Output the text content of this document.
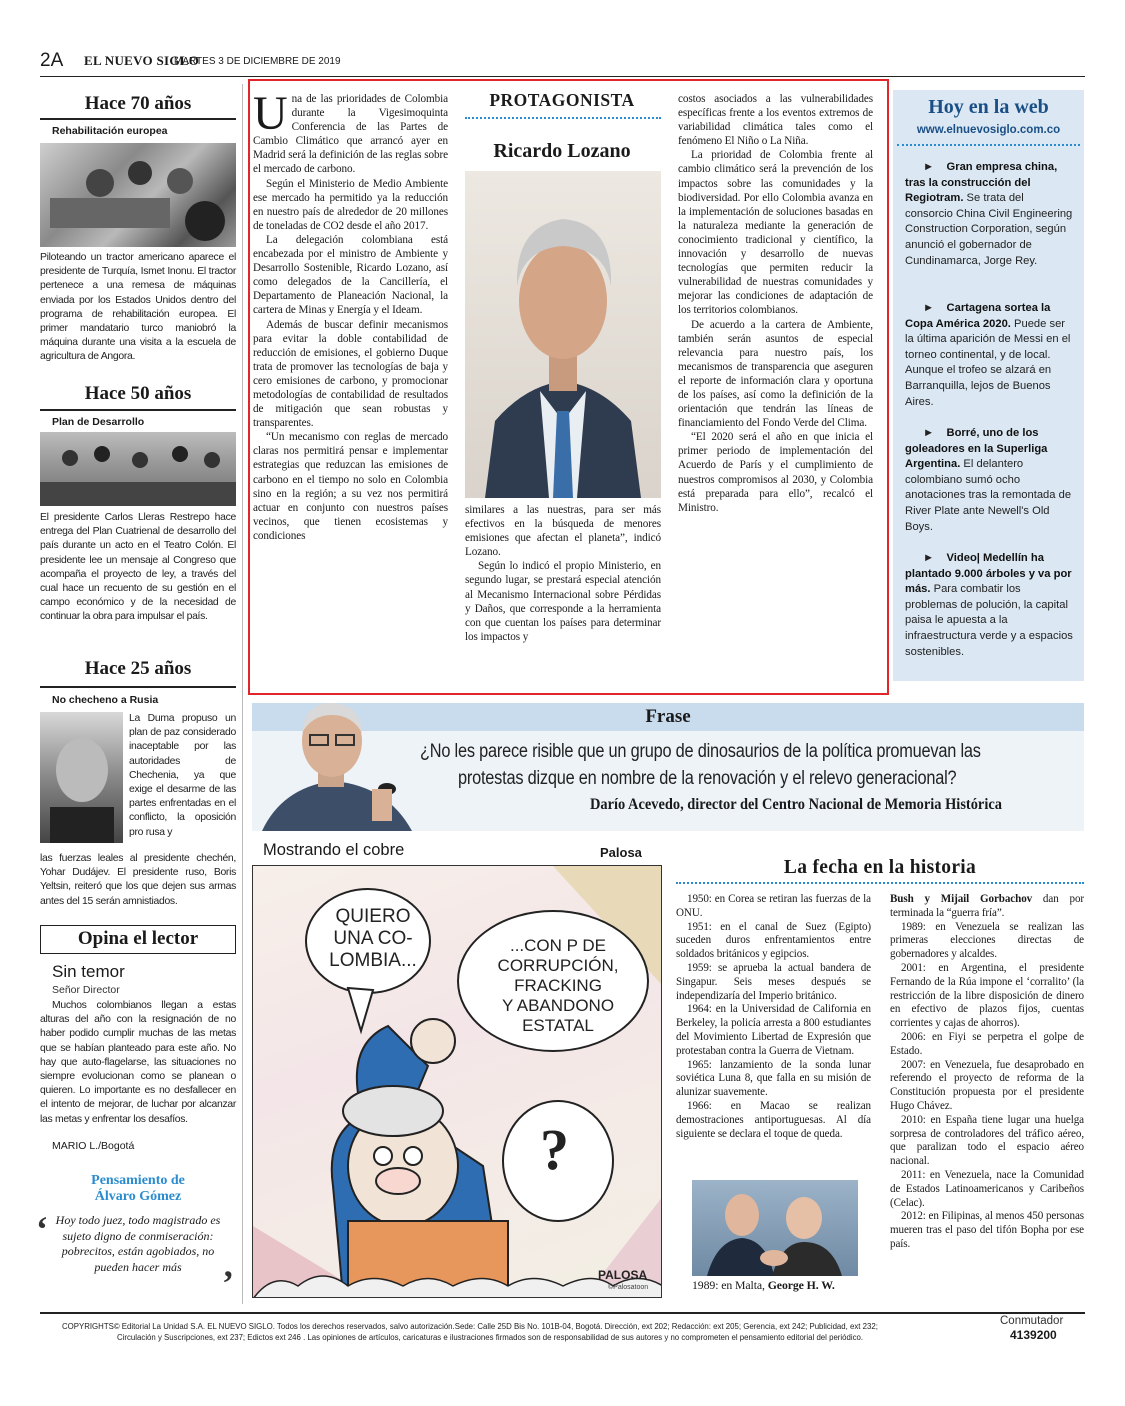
2A EL NUEVO SIGLO
MARTES 3 DE DICIEMBRE DE 2019
Hace 70 años
Rehabilitación europea
Piloteando un tractor americano aparece el presidente de Turquía, Ismet Inonu. El tractor pertenece a una remesa de máquinas enviada por los Estados Unidos dentro del programa de rehabilitación europea. El primer mandatario turco maniobró la máquina durante una visita a la escuela de agricultura de Angora.
Hace 50 años
Plan de Desarrollo
El presidente Carlos Lleras Restrepo hace entrega del Plan Cuatrienal de desarrollo del país durante un acto en el Teatro Colón. El presidente lee un mensaje al Congreso que acompaña el proyecto de ley, a través del cual hace un recuento de su gestión en el campo económico y de la necesidad de continuar la obra para impulsar el país.
Hace 25 años
No checheno a Rusia
La Duma propuso un plan de paz considerado inaceptable por las autoridades de Chechenia, ya que exige el desarme de las partes enfrentadas en el conflicto, la oposición pro rusa y
las fuerzas leales al presidente chechén, Yohar Dudájev. El presidente ruso, Boris Yeltsin, reiteró que los que dejen sus armas antes del 15 serán amnistiados.
Opina el lector
Sin temor
Señor Director
Muchos colombianos llegan a estas alturas del año con la resignación de no haber podido cumplir muchas de las metas que se habían planteado para este año. No hay que auto-flagelarse, las situaciones no siempre evolucionan como se planean o quieren. Lo importante es no desfallecer en el intento de mejorar, de luchar por alcanzar las metas y enfrentar los desafíos.
MARIO L./Bogotá
Pensamiento de
Álvaro Gómez
‘ Hoy todo juez, todo magistrado es sujeto digno de conmiseración: pobrecitos, están agobiados, no pueden hacer más	’

Una de las prioridades de Colombia durante la Vigesimoquinta Conferencia de las Partes de Cambio Climático que arrancó ayer en Madrid será la definición de las reglas sobre el mercado de carbono.

Según el Ministerio de Medio Ambiente ese mercado ha permitido ya la reducción en nuestro país de alrededor de 20 millones de toneladas de CO2 desde el año 2017.

La delegación colombiana está encabezada por el ministro de Ambiente y Desarrollo Sostenible, Ricardo Lozano, así como delegados de la Cancillería, el Departamento de Planeación Nacional, la cartera de Minas y Energía y el Ideam.

Además de buscar definir mecanismos para evitar la doble contabilidad de reducción de emisiones, el gobierno Duque trata de promover las tecnologías de baja y cero emisiones de carbono, y promocionar metodologías de contabilidad de resultados de mitigación que sean robustas y transparentes.

“Un mecanismo con reglas de mercado claras nos permitirá pensar e implementar estrategias que reduzcan las emisiones de carbono en el tiempo no solo en Colombia sino en la región; a su vez nos permitirá actuar en conjunto con nuestros países vecinos, que tienen ecosistemas y condiciones

PROTAGONISTA
Ricardo Lozano

similares a las nuestras, para ser más efectivos en la búsqueda de menores emisiones que afectan el planeta”, indicó Lozano.

Según lo indicó el propio Ministerio, en segundo lugar, se prestará especial atención al Mecanismo Internacional sobre Pérdidas y Daños, que corresponde a la herramienta con que cuentan los países para determinar los impactos y

costos asociados a las vulnerabilidades específicas frente a los eventos extremos de variabilidad climática tales como el fenómeno El Niño o La Niña.

La prioridad de Colombia frente al cambio climático será la prevención de los impactos sobre las comunidades y la biodiversidad. Por ello Colombia avanza en la implementación de soluciones basadas en la naturaleza mediante la generación de conocimiento tradicional y científico, la innovación y desarrollo de nuevas tecnologías que permiten reducir la vulnerabilidad de nuestras comunidades y mejorar las condiciones de adaptación de los territorios colombianos.

De acuerdo a la cartera de Ambiente, también serán asuntos de especial relevancia para nuestro país, los mecanismos de transparencia que aseguren el reporte de información clara y oportuna de los países, así como la definición de la orientación que tendrán las líneas de financiamiento del Fondo Verde del Clima.

“El 2020 será el año en que inicia el primer periodo de implementación del Acuerdo de París y el cumplimiento de nuestros compromisos al 2030, y Colombia está preparada para ello”, recalcó el Ministro.

Hoy en la web
www.elnuevosiglo.com.co
► Gran empresa china, tras la construcción del Regiotram. Se trata del consorcio China Civil Engineering Construction Corporation, según anunció el gobernador de Cundinamarca, Jorge Rey.
► Cartagena sortea la Copa América 2020. Puede ser la última aparición de Messi en el torneo continental, y de local. Aunque el trofeo se alzará en Barranquilla, lejos de Buenos Aires.
► Borré, uno de los goleadores en la Superliga Argentina. El delantero colombiano sumó ocho anotaciones tras la remontada de River Plate ante Newell's Old Boys.
► Video| Medellín ha plantado 9.000 árboles y va por más. Para combatir los problemas de polución, la capital paisa le apuesta a la infraestructura verde y a espacios sostenibles.
Frase
¿No les parece risible que un grupo de dinosaurios de la política promuevan las
protestas dizque en nombre de la renovación y el relevo generacional?
Darío Acevedo, director del Centro Nacional de Memoria Histórica
Mostrando el cobre	Palosa
QUIERO
UNA CO-
LOMBIA...
...CON P DE
CORRUPCIÓN,
FRACKING
Y ABANDONO
ESTATAL
?
PALOSA
©Palosatoon
La fecha en la historia

1950: en Corea se retiran las fuerzas de la ONU.

1951: en el canal de Suez (Egipto) suceden duros enfrentamientos entre soldados británicos y egipcios.

1959: se aprueba la actual bandera de Singapur. Seis meses después se independizaría del Imperio británico.

1964: en la Universidad de California en Berkeley, la policía arresta a 800 estudiantes del Movimiento Libertad de Expresión que protestaban contra la Guerra de Vietnam.

1965: lanzamiento de la sonda lunar soviética Luna 8, que falla en su misión de alunizar suavemente.

1966: en Macao se realizan demostraciones antiportuguesas. Al día siguiente se declara el toque de queda.

1989: en Malta, George H. W.

Bush y Mijail Gorbachov dan por terminada la “guerra fría”.

1989: en Venezuela se realizan las primeras elecciones directas de gobernadores y alcaldes.

2001: en Argentina, el presidente Fernando de la Rúa impone el ‘corralito’ (la restricción de la libre disposición de dinero en efectivo de plazos fijos, cuentas corrientes y cajas de ahorros).

2006: en Fiyi se perpetra el golpe de Estado.

2007: en Venezuela, fue desaprobado en referendo el proyecto de reforma de la Constitución propuesta por el presidente Hugo Chávez.

2010: en España tiene lugar una huelga sorpresa de controladores del tráfico aéreo, que paralizan todo el espacio aéreo nacional.

2011: en Venezuela, nace la Comunidad de Estados Latinoamericanos y Caribeños (Celac).

2012: en Filipinas, al menos 450 personas mueren tras el paso del tifón Bopha por ese país.

COPYRIGHTS© Editorial La Unidad S.A. EL NUEVO SIGLO. Todos los derechos reservados, salvo autorización.Sede: Calle 25D Bis No. 101B-04, Bogotá. Dirección, ext 202; Redacción: ext 205; Gerencia, ext 242; Publicidad, ext 232;
Circulación y Suscripciones, ext 237; Edictos ext 246 . Las opiniones de artículos, caricaturas e ilustraciones firmados son de responsabilidad de sus autores y no comprometen el pensamiento editorial del periódico.
Conmutador
4139200
